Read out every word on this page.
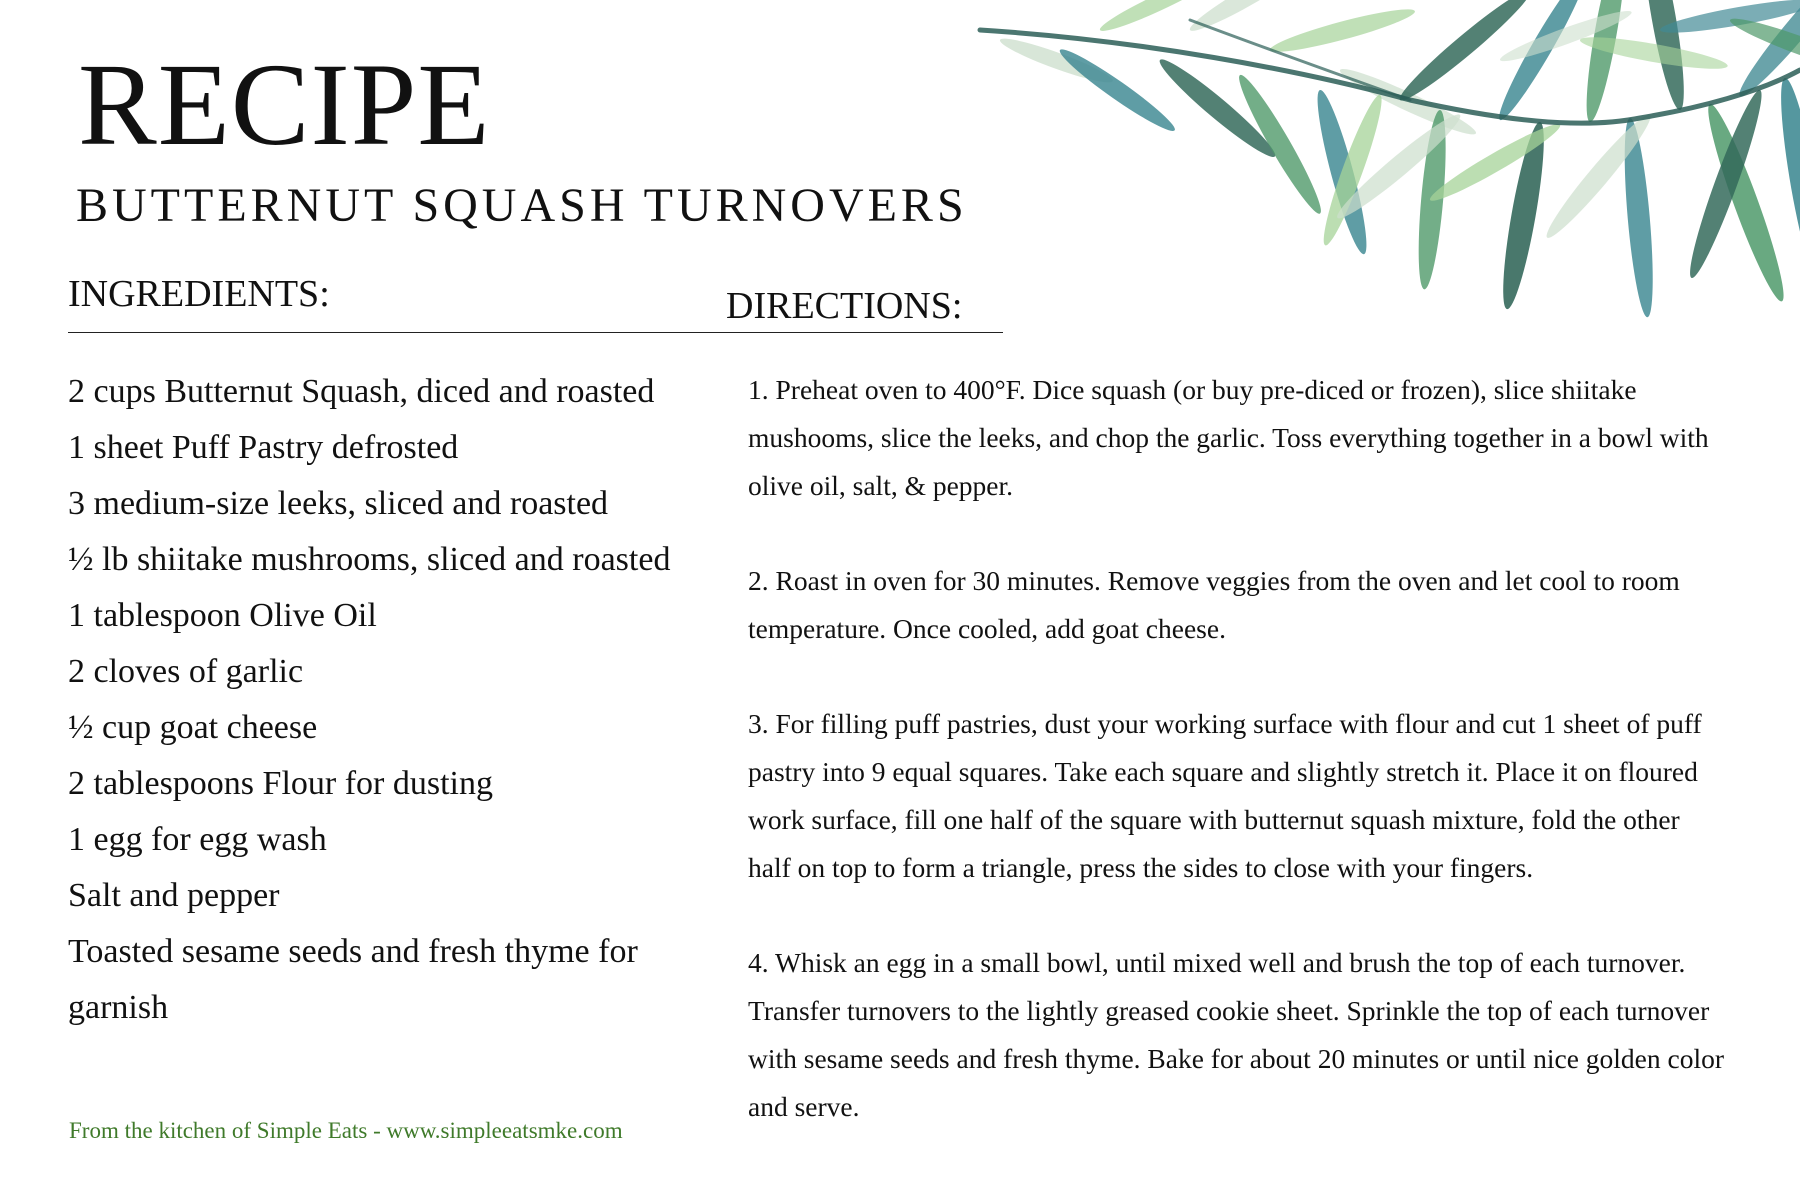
RECIPE
BUTTERNUT SQUASH TURNOVERS
INGREDIENTS:	DIRECTIONS:
2 cups Butternut Squash, diced and roasted
1 sheet Puff Pastry defrosted
3 medium-size leeks, sliced and roasted
½ lb shiitake mushrooms, sliced and roasted
1 tablespoon Olive Oil
2 cloves of garlic
½ cup goat cheese
2 tablespoons Flour for dusting
1 egg for egg wash
Salt and pepper
Toasted sesame seeds and fresh thyme for garnish

From the kitchen of Simple Eats - www.simpleeatsmke.com

1. Preheat oven to 400°F. Dice squash (or buy pre-diced or frozen), slice shiitake mushooms, slice the leeks, and chop the garlic. Toss everything together in a bowl with olive oil, salt, & pepper.
2. Roast in oven for 30 minutes. Remove veggies from the oven and let cool to room temperature. Once cooled, add goat cheese.
3. For filling puff pastries, dust your working surface with flour and cut 1 sheet of puff pastry into 9 equal squares. Take each square and slightly stretch it. Place it on floured work surface, fill one half of the square with butternut squash mixture, fold the other half on top to form a triangle, press the sides to close with your fingers.
4. Whisk an egg in a small bowl, until mixed well and brush the top of each turnover. Transfer turnovers to the lightly greased cookie sheet. Sprinkle the top of each turnover with sesame seeds and fresh thyme. Bake for about 20 minutes or until nice golden color and serve.
